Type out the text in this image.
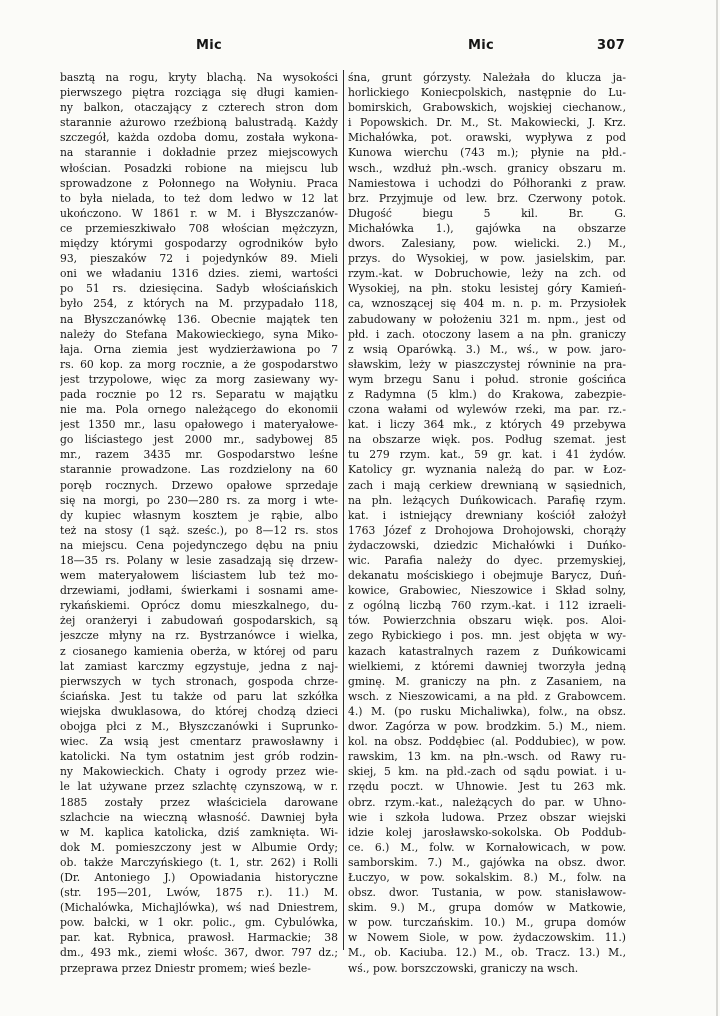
Mic	Mic	307
basztą na rogu, kryty blachą. Na wysokości
pierwszego piętra rozciąga się długi kamien-
ny balkon, otaczający z czterech stron dom
starannie ażurowo rzeźbioną balustradą. Każdy
szczegół, każda ozdoba domu, została wykona-
na starannie i dokładnie przez miejscowych
włościan. Posadzki robione na miejscu lub
sprowadzone z Połonnego na Wołyniu. Praca
to była nielada, to też dom ledwo w 12 lat
ukończono. W 1861 r. w M. i Błyszczanów-
ce przemieszkiwało 708 włościan mężczyzn,
między którymi gospodarzy ogrodników było
93, pieszaków 72 i pojedynków 89. Mieli
oni we władaniu 1316 dzies. ziemi, wartości
po 51 rs. dziesięcina. Sadyb włościańskich
było 254, z których na M. przypadało 118,
na Błyszczanówkę 136. Obecnie majątek ten
należy do Stefana Makowieckiego, syna Miko-
łaja. Orna ziemia jest wydzierżawiona po 7
rs. 60 kop. za morg rocznie, a że gospodarstwo
jest trzypolowe, więc za morg zasiewany wy-
pada rocznie po 12 rs. Separatu w majątku
nie ma. Pola ornego należącego do ekonomii
jest 1350 mr., lasu opałowego i materyałowe-
go liściastego jest 2000 mr., sadybowej 85
mr., razem 3435 mr. Gospodarstwo leśne
starannie prowadzone. Las rozdzielony na 60
poręb rocznych. Drzewo opałowe sprzedaje
się na morgi, po 230—280 rs. za morg i wte-
dy kupiec własnym kosztem je rąbie, albo
też na stosy (1 sąż. sześc.), po 8—12 rs. stos
na miejscu. Cena pojedynczego dębu na pniu
18—35 rs. Polany w lesie zasadzają się drzew-
wem materyałowem liściastem lub też mo-
drzewiami, jodłami, świerkami i sosnami ame-
rykańskiemi. Oprócz domu mieszkalnego, du-
żej oranżeryi i zabudowań gospodarskich, są
jeszcze młyny na rz. Bystrzanówce i wielka,
z ciosanego kamienia oberża, w której od paru
lat zamiast karczmy egzystuje, jedna z naj-
pierwszych w tych stronach, gospoda chrze-
ściańska. Jest tu także od paru lat szkółka
wiejska dwuklasowa, do której chodzą dzieci
obojga płci z M., Błyszczanówki i Suprunko-
wiec. Za wsią jest cmentarz prawosławny i
katolicki. Na tym ostatnim jest grób rodzin-
ny Makowieckich. Chaty i ogrody przez wie-
le lat używane przez szlachtę czynszową, w r.
1885 zostały przez właściciela darowane
szlachcie na wieczną własność. Dawniej była
w M. kaplica katolicka, dziś zamknięta. Wi-
dok M. pomieszczony jest w Albumie Ordy;
ob. także Marczyńskiego (t. 1, str. 262) i Rolli
(Dr. Antoniego J.) Opowiadania historyczne
(str. 195—201, Lwów, 1875 r.). 11.) M.
(Michalówka, Michajlówka), wś nad Dniestrem,
pow. bałcki, w 1 okr. polic., gm. Cybulówka,
par. kat. Rybnica, prawosł. Harmackie; 38
dm., 493 mk., ziemi włośc. 367, dwor. 797 dz.;
przeprawa przez Dniestr promem; wieś bezle-
śna, grunt górzysty. Należała do klucza ja-
horlickiego Koniecpolskich, następnie do Lu-
bomirskich, Grabowskich, wojskiej ciechanow.,
i Popowskich. Dr. M., St. Makowiecki, J. Krz.
Michałówka, pot. orawski, wypływa z pod
Kunowa wierchu (743 m.); płynie na płd.-
wsch., wzdłuż płn.-wsch. granicy obszaru m.
Namiestowa i uchodzi do Półhoranki z praw.
brz. Przyjmuje od lew. brz. Czerwony potok.
Długość biegu 5 kil. Br. G.
Michałówka 1.), gajówka na obszarze
dwors. Zalesiany, pow. wielicki. 2.) M.,
przys. do Wysokiej, w pow. jasielskim, par.
rzym.-kat. w Dobruchowie, leży na zch. od
Wysokiej, na płn. stoku lesistej góry Kamień-
ca, wznoszącej się 404 m. n. p. m. Przysiołek
zabudowany w położeniu 321 m. npm., jest od
płd. i zach. otoczony lasem a na płn. graniczy
z wsią Oparówką. 3.) M., wś., w pow. jaro-
sławskim, leży w piaszczystej równinie na pra-
wym brzegu Sanu i połud. stronie gościńca
z Radymna (5 klm.) do Krakowa, zabezpie-
czona wałami od wylewów rzeki, ma par. rz.-
kat. i liczy 364 mk., z których 49 przebywa
na obszarze więk. pos. Podług szemat. jest
tu 279 rzym. kat., 59 gr. kat. i 41 żydów.
Katolicy gr. wyznania należą do par. w Łoz-
zach i mają cerkiew drewnianą w sąsiednich,
na płn. leżących Duńkowicach. Parafię rzym.
kat. i istniejący drewniany kościół założył
1763 Józef z Drohojowa Drohojowski, chorąży
żydaczowski, dziedzic Michałówki i Duńko-
wic. Parafia należy do dyec. przemyskiej,
dekanatu mościskiego i obejmuje Barycz, Duń-
kowice, Grabowiec, Nieszowice i Skład solny,
z ogólną liczbą 760 rzym.-kat. i 112 izraeli-
tów. Powierzchnia obszaru więk. pos. Aloi-
zego Rybickiego i pos. mn. jest objęta w wy-
kazach katastralnych razem z Duńkowicami
wielkiemi, z któremi dawniej tworzyła jedną
gminę. M. graniczy na płn. z Zasaniem, na
wsch. z Nieszowicami, a na płd. z Grabowcem.
4.) M. (po rusku Michaliwka), folw., na obsz.
dwor. Zagórza w pow. brodzkim. 5.) M., niem.
kol. na obsz. Poddębiec (al. Poddubiec), w pow.
rawskim, 13 km. na płn.-wsch. od Rawy ru-
skiej, 5 km. na płd.-zach od sądu powiat. i u-
rzędu poczt. w Uhnowie. Jest tu 263 mk.
obrz. rzym.-kat., należących do par. w Uhno-
wie i szkoła ludowa. Przez obszar wiejski
idzie kolej jarosławsko-sokolska. Ob Poddub-
ce. 6.) M., folw. w Kornałowicach, w pow.
samborskim. 7.) M., gajówka na obsz. dwor.
Łuczyo, w pow. sokalskim. 8.) M., folw. na
obsz. dwor. Tustania, w pow. stanisławow-
skim. 9.) M., grupa domów w Matkowie,
w pow. turczańskim. 10.) M., grupa domów
w Nowem Siole, w pow. żydaczowskim. 11.)
M., ob. Kaciuba. 12.) M., ob. Tracz. 13.) M.,
wś., pow. borszczowski, graniczy na wsch.
